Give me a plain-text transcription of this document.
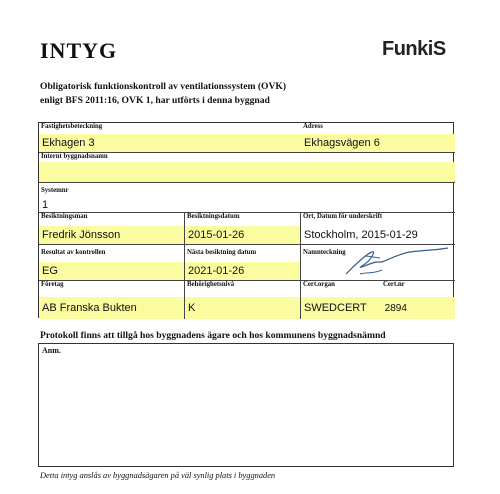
INTYG	FunkiS
Obligatorisk funktionskontroll av ventilationssystem (OVK)
enligt BFS 2011:16, OVK 1, har utförts i denna byggnad
Fastighetsbeteckning
Ekhagen 3
Adress
Ekhagsvägen 6
Internt byggnadsnamn
Systemnr
1
Besiktningsman
Fredrik Jönsson
Besiktningsdatum
2015-01-26
Ort, Datum för underskrift
Stockholm, 2015-01-29
Resultat av kontrollen
EG
Nästa besiktning datum
2021-01-26
Namnteckning
Företag
AB Franska Bukten
Behörighetsnivå
K
Cert.organ	Cert.nr
SWEDCERT 2894
Protokoll finns att tillgå hos byggnadens ägare och hos kommunens byggnadsnämnd
Anm.
Detta intyg anslås av byggnadsägaren på väl synlig plats i byggnaden
